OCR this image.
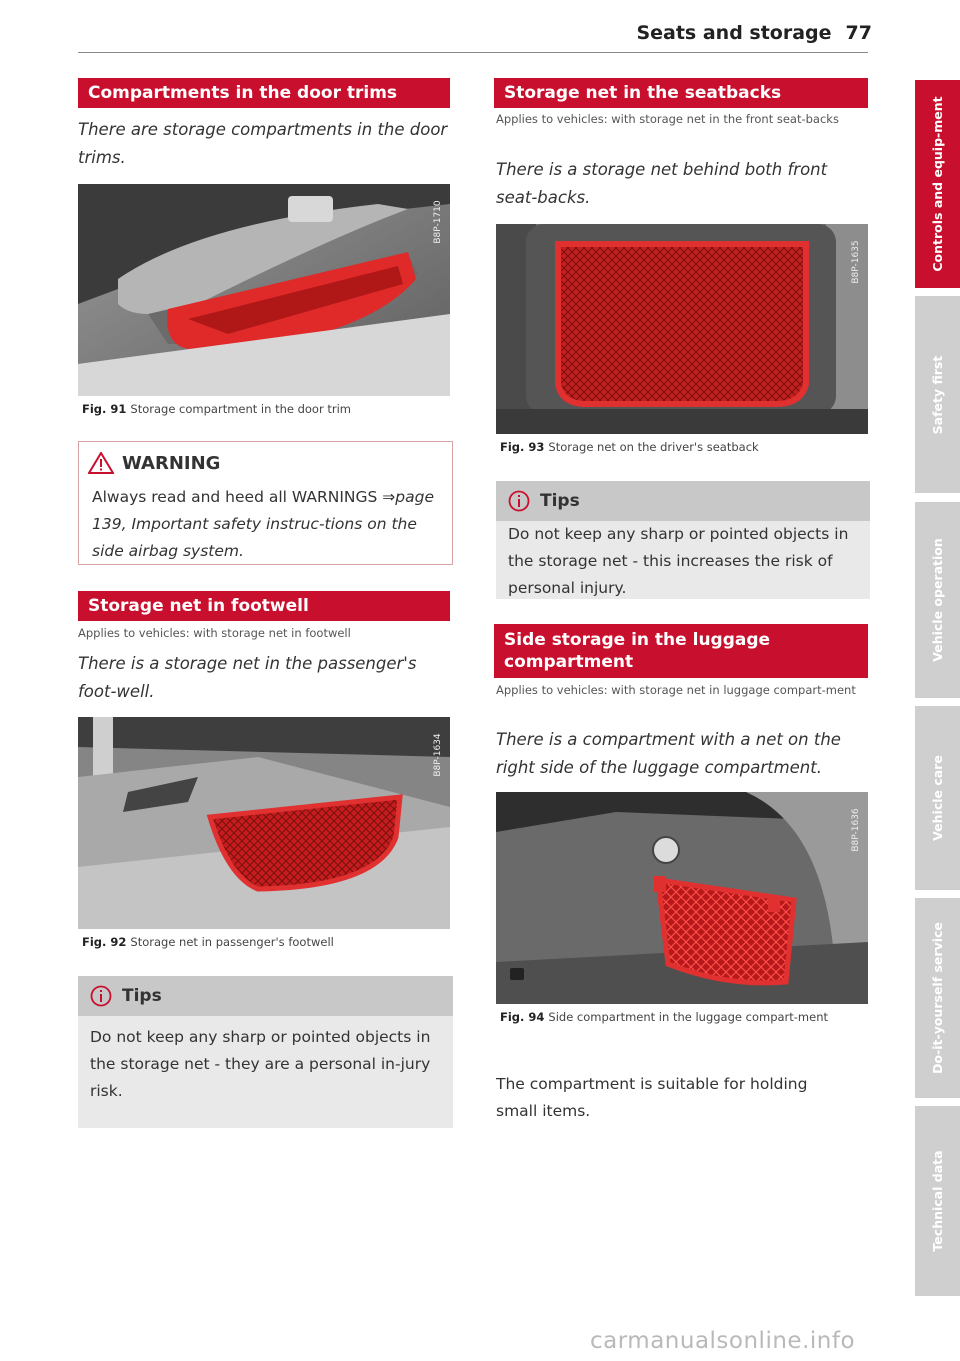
Seats and storage 77
Compartments in the door trims
There are storage compartments in the door trims.
B8P-1710
Fig. 91 Storage compartment in the door trim
WARNING
Always read and heed all WARNINGS ⇒page 139, Important safety instruc-tions on the side airbag system.
Storage net in footwell
Applies to vehicles: with storage net in footwell
There is a storage net in the passenger's foot-well.
B8P-1634
Fig. 92 Storage net in passenger's footwell
Tips
Do not keep any sharp or pointed objects in the storage net - they are a personal in-jury risk.
Storage net in the seatbacks
Applies to vehicles: with storage net in the front seat-backs
There is a storage net behind both front seat-backs.
B8P-1635
Fig. 93 Storage net on the driver's seatback
Tips
Do not keep any sharp or pointed objects in the storage net - this increases the risk of personal injury.
Side storage in the luggage compartment
Applies to vehicles: with storage net in luggage compart-ment
There is a compartment with a net on the right side of the luggage compartment.
B8P-1636
Fig. 94 Side compartment in the luggage compart-ment
The compartment is suitable for holding small items.
Controls and equip-ment
Safety first
Vehicle operation
Vehicle care
Do-it-yourself service
Technical data
carmanualsonline.info
